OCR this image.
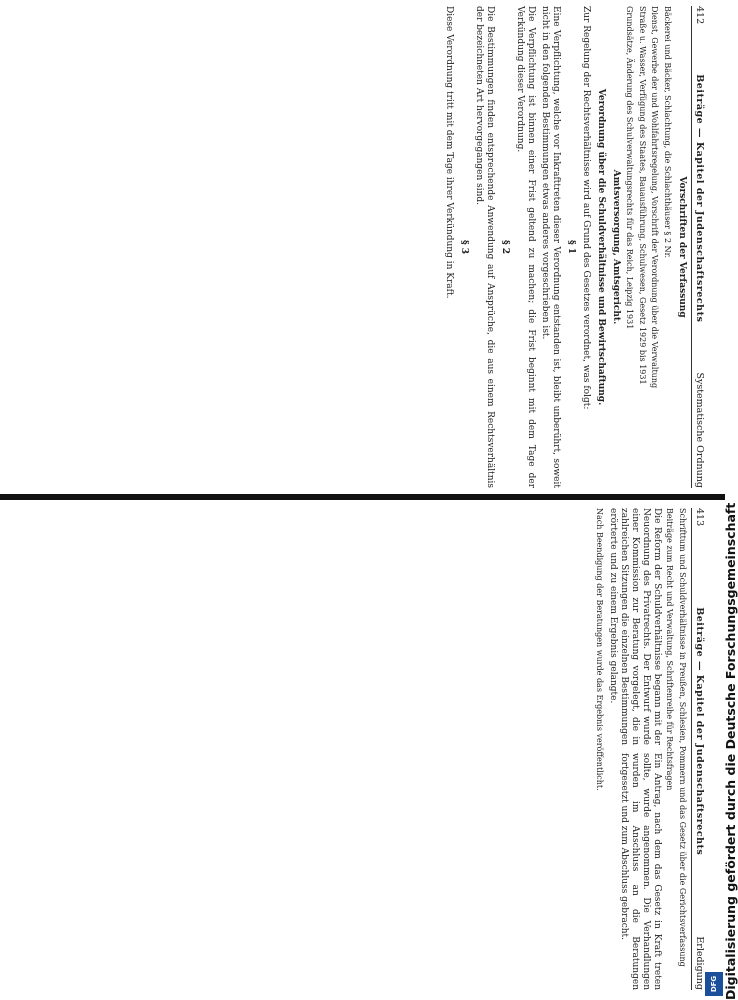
412
Beiträge — Kapitel der Judenschaftsrechts
Systematische Ordnung

Vorschriften der Verfassung

Bäckerei und Bäcker, Schlachtung, die Schlachthäuser § 2 Nr.

Dienst, Gewerbe der und Wohlfahrtsregelung, Vorschrift der Verordnung über die Verwaltung

Straße u. Wasser, Verfügung des Staates, Bauausführung, Schulwesen, Gesetz 1929 bis 1931

Grundsätze, Änderung des Schulverwaltungsrechts für das Reich, Leipzig 1931

Amtsversorgung, Amtsgericht.

Verordnung über die Schuldverhältnisse und Bewirtschaftung.

Zur Regelung der Rechtsverhältnisse wird auf Grund des Gesetzes verordnet, was folgt:

§ 1

Eine Verpflichtung, welche vor Inkrafttreten dieser Verordnung entstanden ist, bleibt unberührt, soweit nicht in den folgenden Bestimmungen etwas anderes vorgeschrieben ist.

Die Verpflichtung ist binnen einer Frist geltend zu machen; die Frist beginnt mit dem Tage der Verkündung dieser Verordnung.

§ 2

Die Bestimmungen finden entsprechende Anwendung auf Ansprüche, die aus einem Rechtsverhältnis der bezeichneten Art hervorgegangen sind.

§ 3

Diese Verordnung tritt mit dem Tage ihrer Verkündung in Kraft.

413
Beiträge — Kapitel der Judenschaftsrechts
Erledigung

Schrifttum und Schuldverhältnisse in Preußen, Schlesien, Pommern und das Gesetz über die Gerichtsverfassung

Beiträge zum Recht und Verwaltung, Schriftenreihe für Rechtsfragen

Die Reform der Schuldverhältnisse begann mit der Neuordnung des Privatrechts. Der Entwurf wurde einer Kommission zur Beratung vorgelegt, die in zahlreichen Sitzungen die einzelnen Bestimmungen erörterte und zu einem Ergebnis gelangte.

Ein Antrag, nach dem das Gesetz in Kraft treten sollte, wurde angenommen. Die Verhandlungen wurden im Anschluss an die Beratungen fortgesetzt und zum Abschluss gebracht.

Nach Beendigung der Beratungen wurde das Ergebnis veröffentlicht.	Digitalisierung gefördert durch die Deutsche Forschungsgemeinschaft
DFG
